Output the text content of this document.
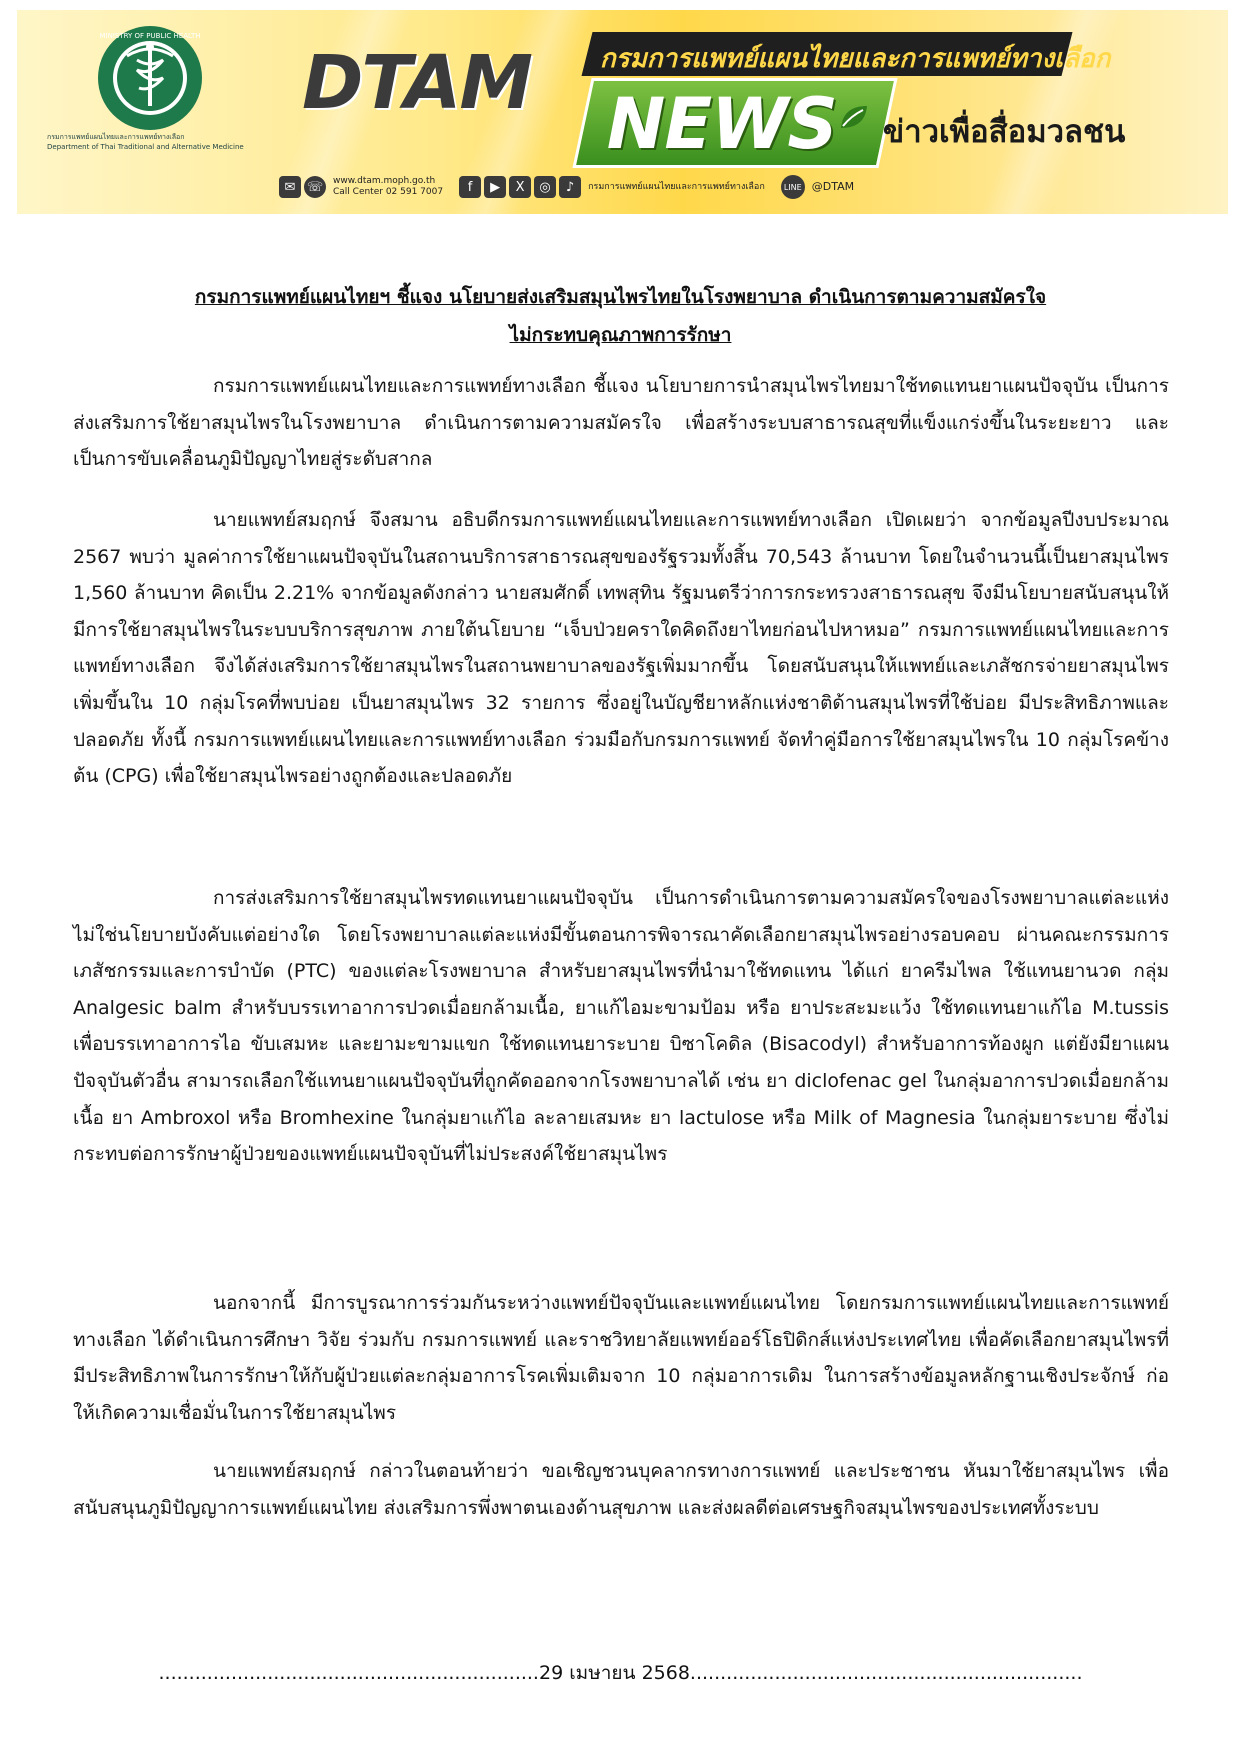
MINISTRY OF PUBLIC HEALTH
กรมการแพทย์แผนไทยและการแพทย์ทางเลือก
Department of Thai Traditional and Alternative Medicine
DTAM	กรมการแพทย์แผนไทยและการแพทย์ทางเลือก
NEWS ข่าวเพื่อสื่อมวลชน
✉ ☏	www.dtam.moph.go.th
Call Center 02 591 7007	f	▶	X	◎	♪	กรมการแพทย์แผนไทยและการแพทย์ทางเลือก	LINE @DTAM
กรมการแพทย์แผนไทยฯ ชี้แจง นโยบายส่งเสริมสมุนไพรไทยในโรงพยาบาล ดำเนินการตามความสมัครใจ
ไม่กระทบคุณภาพการรักษา
กรมการแพทย์แผนไทยและการแพทย์ทางเลือก ชี้แจง นโยบายการนำสมุนไพรไทยมาใช้ทดแทนยาแผนปัจจุบัน เป็นการส่งเสริมการใช้ยาสมุนไพรในโรงพยาบาล ดำเนินการตามความสมัครใจ เพื่อสร้างระบบสาธารณสุขที่แข็งแกร่งขึ้นในระยะยาว และเป็นการขับเคลื่อนภูมิปัญญาไทยสู่ระดับสากล
นายแพทย์สมฤกษ์ จึงสมาน อธิบดีกรมการแพทย์แผนไทยและการแพทย์ทางเลือก เปิดเผยว่า จากข้อมูลปีงบประมาณ 2567 พบว่า มูลค่าการใช้ยาแผนปัจจุบันในสถานบริการสาธารณสุขของรัฐรวมทั้งสิ้น 70,543 ล้านบาท โดยในจำนวนนี้เป็นยาสมุนไพร 1,560 ล้านบาท คิดเป็น 2.21% จากข้อมูลดังกล่าว นายสมศักดิ์ เทพสุทิน รัฐมนตรีว่าการกระทรวงสาธารณสุข จึงมีนโยบายสนับสนุนให้มีการใช้ยาสมุนไพรในระบบบริการสุขภาพ ภายใต้นโยบาย “เจ็บป่วยคราใดคิดถึงยาไทยก่อนไปหาหมอ” กรมการแพทย์แผนไทยและการแพทย์ทางเลือก จึงได้ส่งเสริมการใช้ยาสมุนไพรในสถานพยาบาลของรัฐเพิ่มมากขึ้น โดยสนับสนุนให้แพทย์และเภสัชกรจ่ายยาสมุนไพรเพิ่มขึ้นใน 10 กลุ่มโรคที่พบบ่อย เป็นยาสมุนไพร 32 รายการ ซึ่งอยู่ในบัญชียาหลักแห่งชาติด้านสมุนไพรที่ใช้บ่อย มีประสิทธิภาพและปลอดภัย ทั้งนี้ กรมการแพทย์แผนไทยและการแพทย์ทางเลือก ร่วมมือกับกรมการแพทย์ จัดทำคู่มือการใช้ยาสมุนไพรใน 10 กลุ่มโรคข้างต้น (CPG) เพื่อใช้ยาสมุนไพรอย่างถูกต้องและปลอดภัย
การส่งเสริมการใช้ยาสมุนไพรทดแทนยาแผนปัจจุบัน เป็นการดำเนินการตามความสมัครใจของโรงพยาบาลแต่ละแห่ง ไม่ใช่นโยบายบังคับแต่อย่างใด โดยโรงพยาบาลแต่ละแห่งมีขั้นตอนการพิจารณาคัดเลือกยาสมุนไพรอย่างรอบคอบ ผ่านคณะกรรมการเภสัชกรรมและการบำบัด (PTC) ของแต่ละโรงพยาบาล สำหรับยาสมุนไพรที่นำมาใช้ทดแทน ได้แก่ ยาครีมไพล ใช้แทนยานวด กลุ่ม Analgesic balm สำหรับบรรเทาอาการปวดเมื่อยกล้ามเนื้อ, ยาแก้ไอมะขามป้อม หรือ ยาประสะมะแว้ง ใช้ทดแทนยาแก้ไอ M.tussis เพื่อบรรเทาอาการไอ ขับเสมหะ และยามะขามแขก ใช้ทดแทนยาระบาย บิซาโคดิล (Bisacodyl) สำหรับอาการท้องผูก แต่ยังมียาแผนปัจจุบันตัวอื่น สามารถเลือกใช้แทนยาแผนปัจจุบันที่ถูกคัดออกจากโรงพยาบาลได้ เช่น ยา diclofenac gel ในกลุ่มอาการปวดเมื่อยกล้ามเนื้อ ยา Ambroxol หรือ Bromhexine ในกลุ่มยาแก้ไอ ละลายเสมหะ ยา lactulose หรือ Milk of Magnesia ในกลุ่มยาระบาย ซึ่งไม่กระทบต่อการรักษาผู้ป่วยของแพทย์แผนปัจจุบันที่ไม่ประสงค์ใช้ยาสมุนไพร
นอกจากนี้ มีการบูรณาการร่วมกันระหว่างแพทย์ปัจจุบันและแพทย์แผนไทย โดยกรมการแพทย์แผนไทยและการแพทย์ทางเลือก ได้ดำเนินการศึกษา วิจัย ร่วมกับ กรมการแพทย์ และราชวิทยาลัยแพทย์ออร์โธปิดิกส์แห่งประเทศไทย เพื่อคัดเลือกยาสมุนไพรที่มีประสิทธิภาพในการรักษาให้กับผู้ป่วยแต่ละกลุ่มอาการโรคเพิ่มเติมจาก 10 กลุ่มอาการเดิม ในการสร้างข้อมูลหลักฐานเชิงประจักษ์ ก่อให้เกิดความเชื่อมั่นในการใช้ยาสมุนไพร
นายแพทย์สมฤกษ์ กล่าวในตอนท้ายว่า ขอเชิญชวนบุคลากรทางการแพทย์ และประชาชน หันมาใช้ยาสมุนไพร เพื่อสนับสนุนภูมิปัญญาการแพทย์แผนไทย ส่งเสริมการพึ่งพาตนเองด้านสุขภาพ และส่งผลดีต่อเศรษฐกิจสมุนไพรของประเทศทั้งระบบ
...............................................................29 เมษายน 2568.................................................................
